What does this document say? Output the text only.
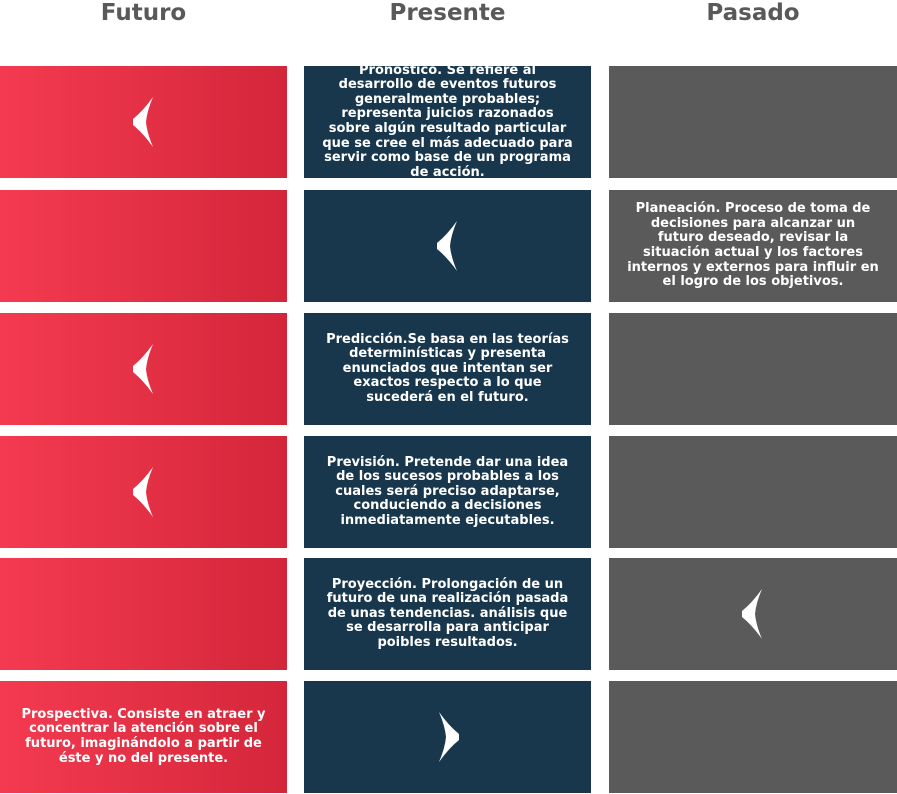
Futuro	Presente	Pasado
Pronóstico. Se refiere al desarrollo de eventos futuros generalmente probables; representa juicios razonados sobre algún resultado particular que se cree el más adecuado para servir como base de un programa de acción.
Planeación. Proceso de toma de decisiones para alcanzar un futuro deseado, revisar la situación actual y los factores internos y externos para influir en el logro de los objetivos.
Predicción.Se basa en las teorías determinísticas y presenta enunciados que intentan ser exactos respecto a lo que sucederá en el futuro.
Previsión. Pretende dar una idea de los sucesos probables a los cuales será preciso adaptarse, conduciendo a decisiones inmediatamente ejecutables.
Proyección. Prolongación de un futuro de una realización pasada de unas tendencias. análisis que se desarrolla para anticipar poibles resultados.
Prospectiva. Consiste en atraer y concentrar la atención sobre el futuro, imaginándolo a partir de éste y no del presente.
